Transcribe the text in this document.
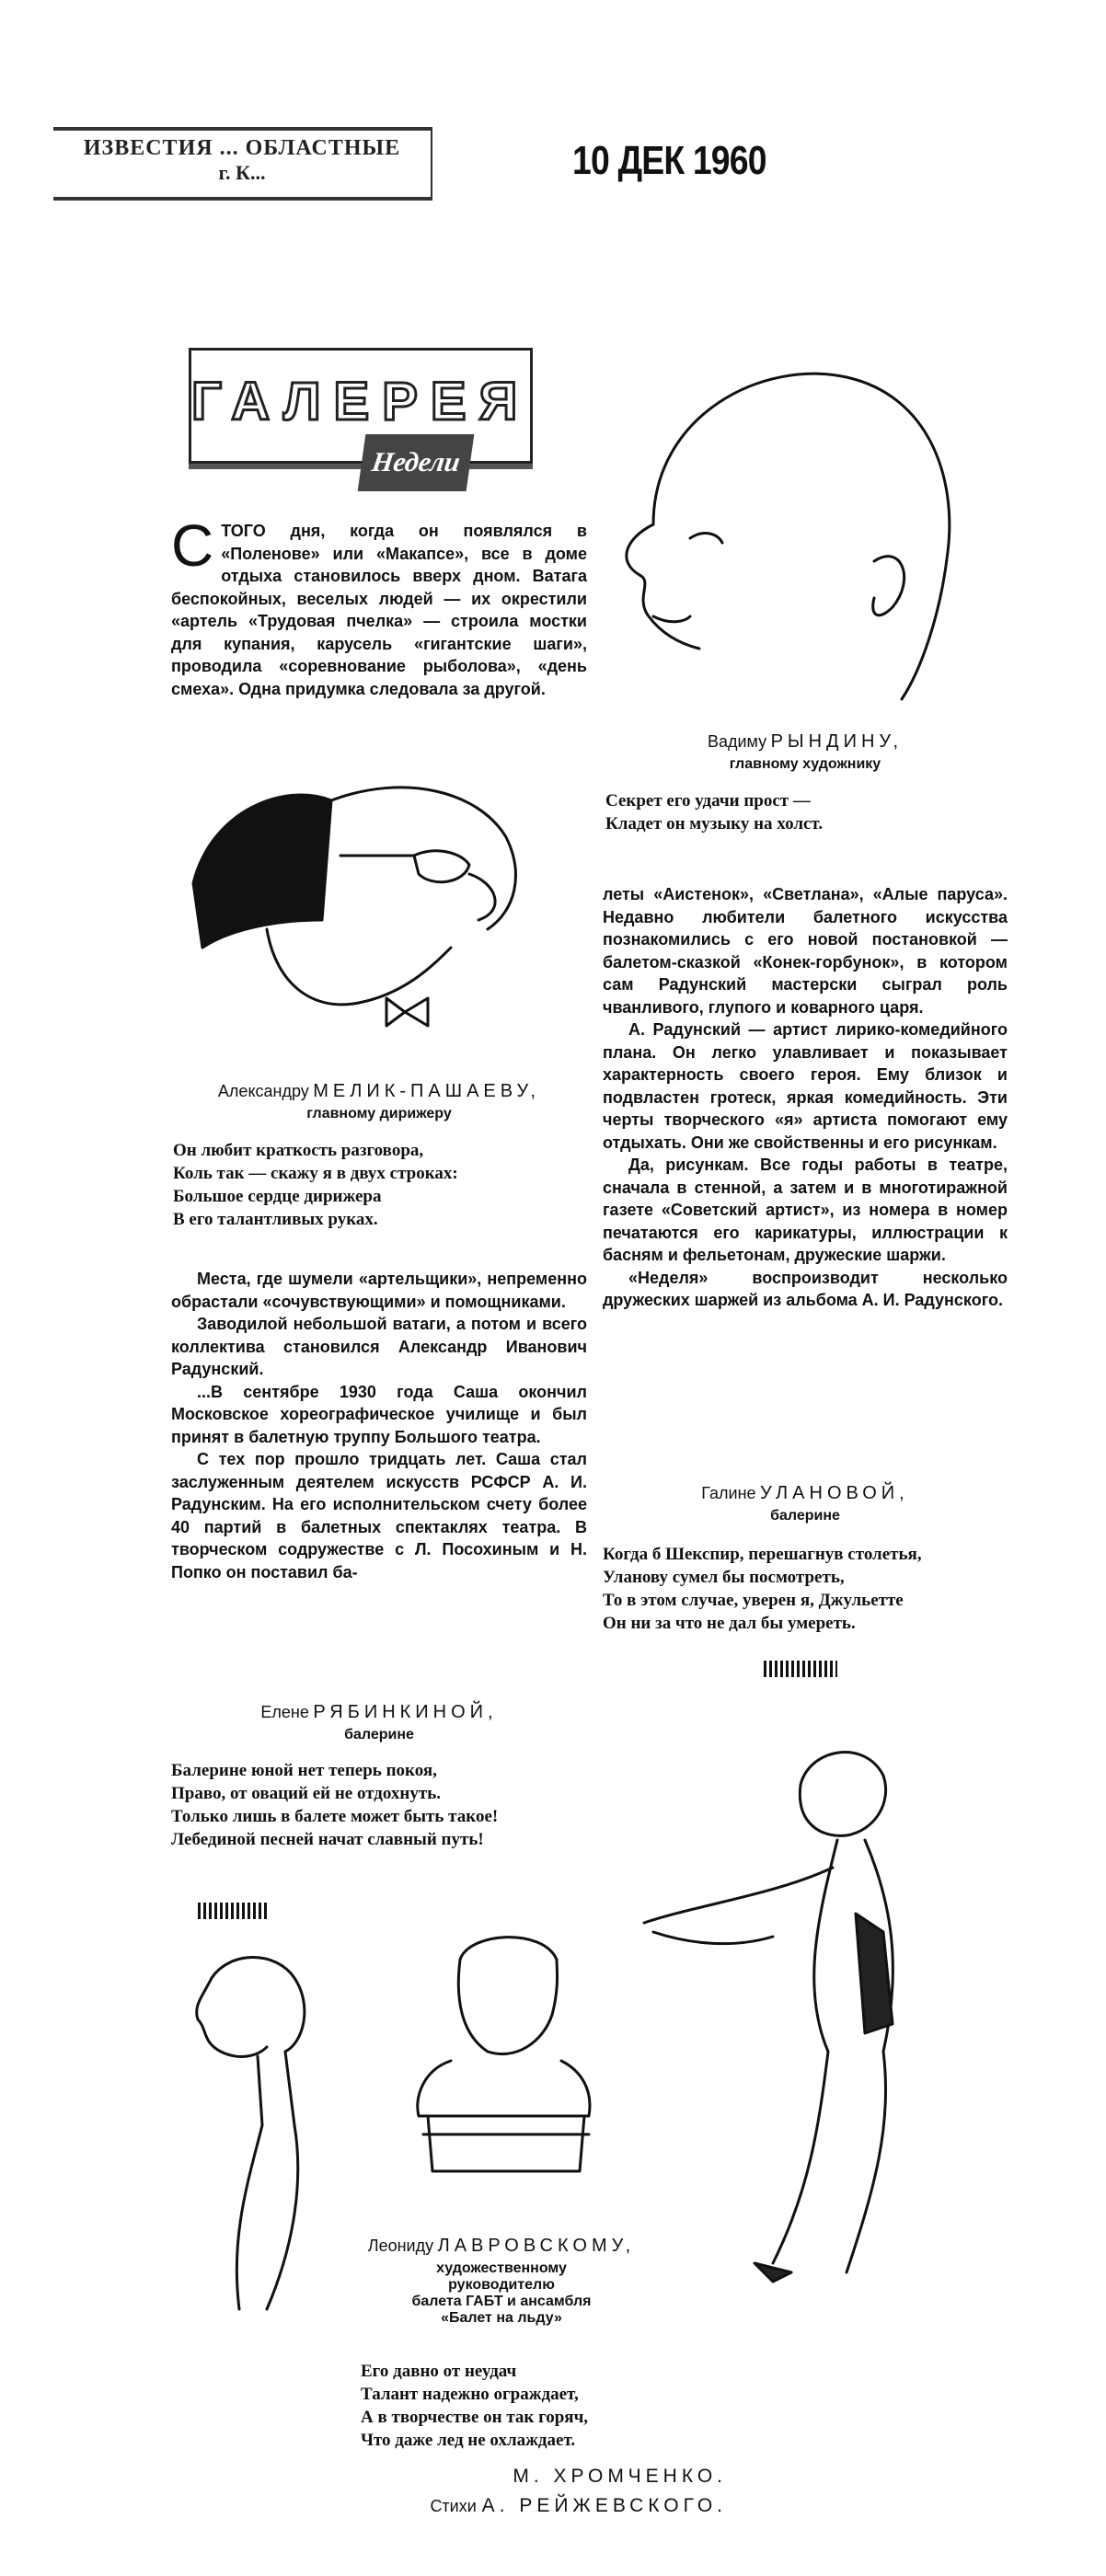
ИЗВЕСТИЯ ... ОБЛАСТНЫЕ
г. К...	10 ДЕК 1960
ГАЛЕРЕЯ
Недели
С ТОГО дня, когда он появлялся в «Поленове» или «Макапсе», все в доме отдыха становилось вверх дном. Ватага беспокойных, веселых людей — их окрестили «артель «Трудовая пчелка» — строила мостки для купания, карусель «гигантские шаги», проводила «соревнование рыболова», «день смеха». Одна придумка следовала за другой.
Вадиму РЫНДИНУ,
главному художнику
Секрет его удачи прост —
Кладет он музыку на холст.
Александру МЕЛИК-ПАШАЕВУ,
главному дирижеру
Он любит краткость разговора,
Коль так — скажу я в двух строках:
Большое сердце дирижера
В его талантливых руках.

Места, где шумели «артельщики», непременно обрастали «сочувствующими» и помощниками.

Заводилой небольшой ватаги, а потом и всего коллектива становился Александр Иванович Радунский.

...В сентябре 1930 года Саша окончил Московское хореографическое училище и был принят в балетную труппу Большого театра.

С тех пор прошло тридцать лет. Саша стал заслуженным деятелем искусств РСФСР А. И. Радунским. На его исполнительском счету более 40 партий в балетных спектаклях театра. В творческом содружестве с Л. Посохиным и Н. Попко он поставил ба-

леты «Аистенок», «Светлана», «Алые паруса». Недавно любители балетного искусства познакомились с его новой постановкой — балетом-сказкой «Конек-горбунок», в котором сам Радунский мастерски сыграл роль чванливого, глупого и коварного царя.

А. Радунский — артист лирико-комедийного плана. Он легко улавливает и показывает характерность своего героя. Ему близок и подвластен гротеск, яркая комедийность. Эти черты творческого «я» артиста помогают ему отдыхать. Они же свойственны и его рисункам.

Да, рисункам. Все годы работы в театре, сначала в стенной, а затем и в многотиражной газете «Советский артист», из номера в номер печатаются его карикатуры, иллюстрации к басням и фельетонам, дружеские шаржи.

«Неделя» воспроизводит несколько дружеских шаржей из альбома А. И. Радунского.

Галине УЛАНОВОЙ,
балерине
Когда б Шекспир, перешагнув столетья,
Уланову сумел бы посмотреть,
То в этом случае, уверен я, Джульетте
Он ни за что не дал бы умереть.
Елене РЯБИНКИНОЙ,
балерине
Балерине юной нет теперь покоя,
Право, от оваций ей не отдохнуть.
Только лишь в балете может быть такое!
Лебединой песней начат славный путь!
Леониду ЛАВРОВСКОМУ,
художественному
руководителю
балета ГАБТ и ансамбля
«Балет на льду»
Его давно от неудач
Талант надежно ограждает,
А в творчестве он так горяч,
Что даже лед не охлаждает.
М. ХРОМЧЕНКО.
Стихи А. РЕЙЖЕВСКОГО.
